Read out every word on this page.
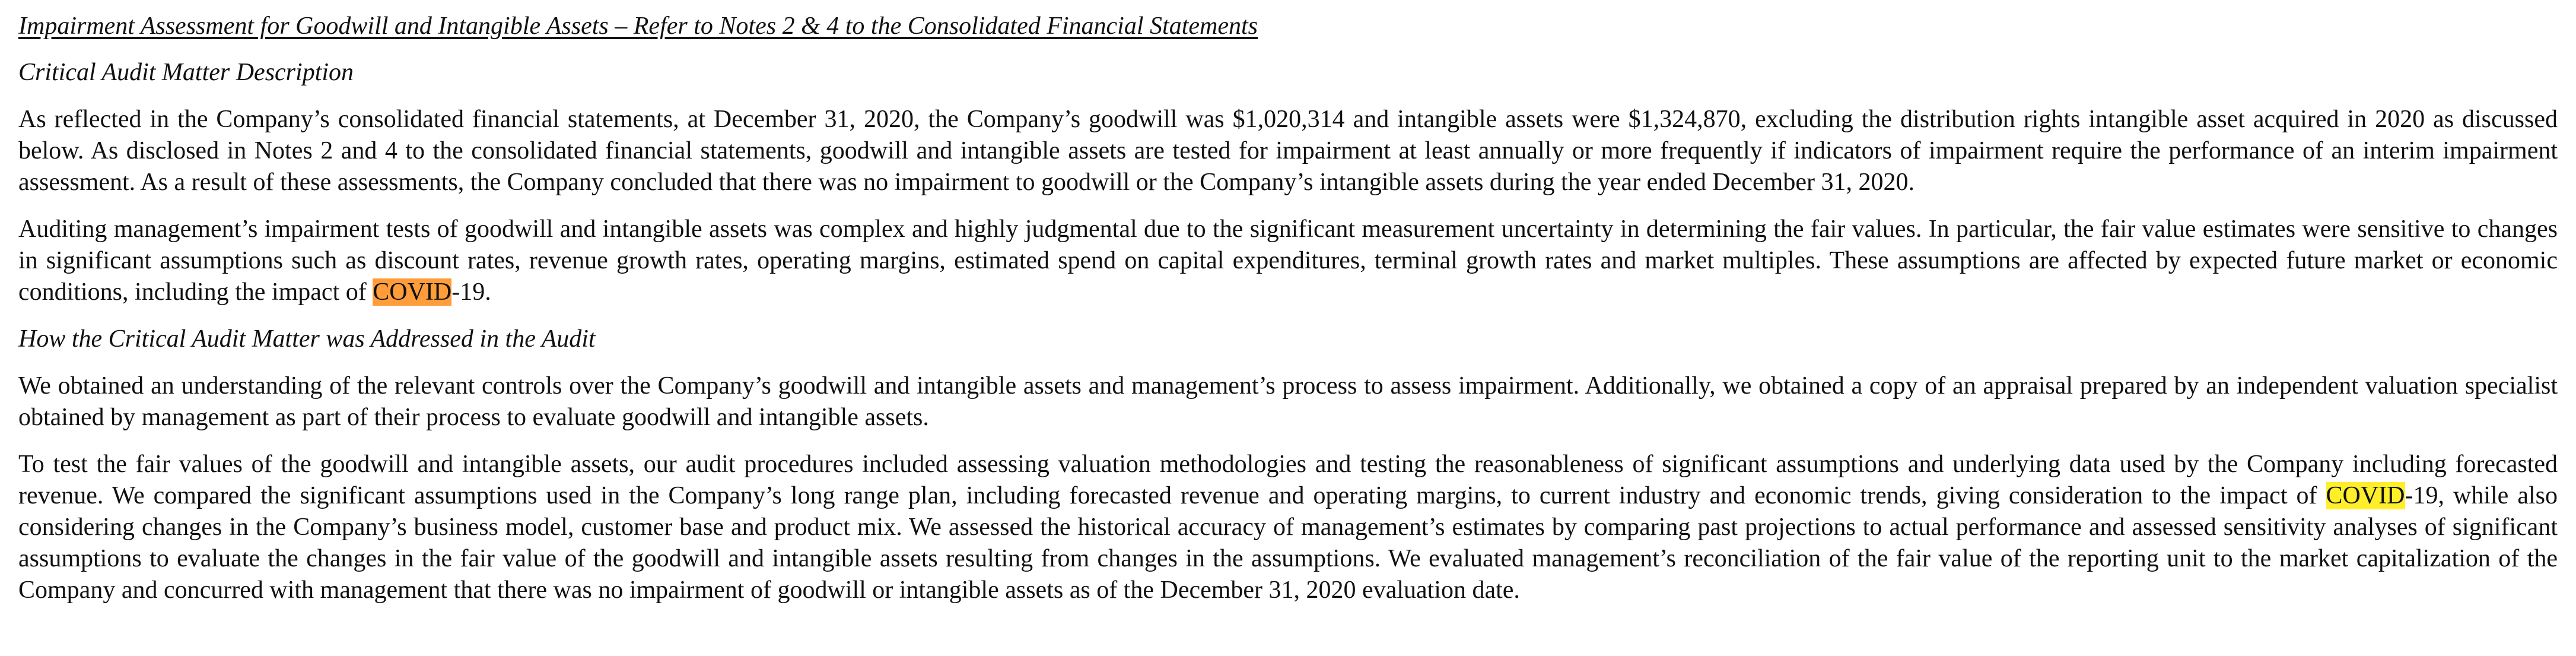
Impairment Assessment for Goodwill and Intangible Assets – Refer to Notes 2 & 4 to the Consolidated Financial Statements
Critical Audit Matter Description

As reflected in the Company’s consolidated financial statements, at December 31, 2020, the Company’s goodwill was $1,020,314 and intangible assets were $1,324,870, excluding the distribution rights intangible asset acquired in 2020 as discussed below. As disclosed in Notes 2 and 4 to the consolidated financial statements, goodwill and intangible assets are tested for impairment at least annually or more frequently if indicators of impairment require the performance of an interim impairment assessment. As a result of these assessments, the Company concluded that there was no impairment to goodwill or the Company’s intangible assets during the year ended December 31, 2020.

Auditing management’s impairment tests of goodwill and intangible assets was complex and highly judgmental due to the significant measurement uncertainty in determining the fair values. In particular, the fair value estimates were sensitive to changes in significant assumptions such as discount rates, revenue growth rates, operating margins, estimated spend on capital expenditures, terminal growth rates and market multiples. These assumptions are affected by expected future market or economic conditions, including the impact of COVID-19.

How the Critical Audit Matter was Addressed in the Audit

We obtained an understanding of the relevant controls over the Company’s goodwill and intangible assets and management’s process to assess impairment. Additionally, we obtained a copy of an appraisal prepared by an independent valuation specialist obtained by management as part of their process to evaluate goodwill and intangible assets.

To test the fair values of the goodwill and intangible assets, our audit procedures included assessing valuation methodologies and testing the reasonableness of significant assumptions and underlying data used by the Company including forecasted revenue. We compared the significant assumptions used in the Company’s long range plan, including forecasted revenue and operating margins, to current industry and economic trends, giving consideration to the impact of COVID-19, while also considering changes in the Company’s business model, customer base and product mix. We assessed the historical accuracy of management’s estimates by comparing past projections to actual performance and assessed sensitivity analyses of significant assumptions to evaluate the changes in the fair value of the goodwill and intangible assets resulting from changes in the assumptions. We evaluated management’s reconciliation of the fair value of the reporting unit to the market capitalization of the Company and concurred with management that there was no impairment of goodwill or intangible assets as of the December 31, 2020 evaluation date.
